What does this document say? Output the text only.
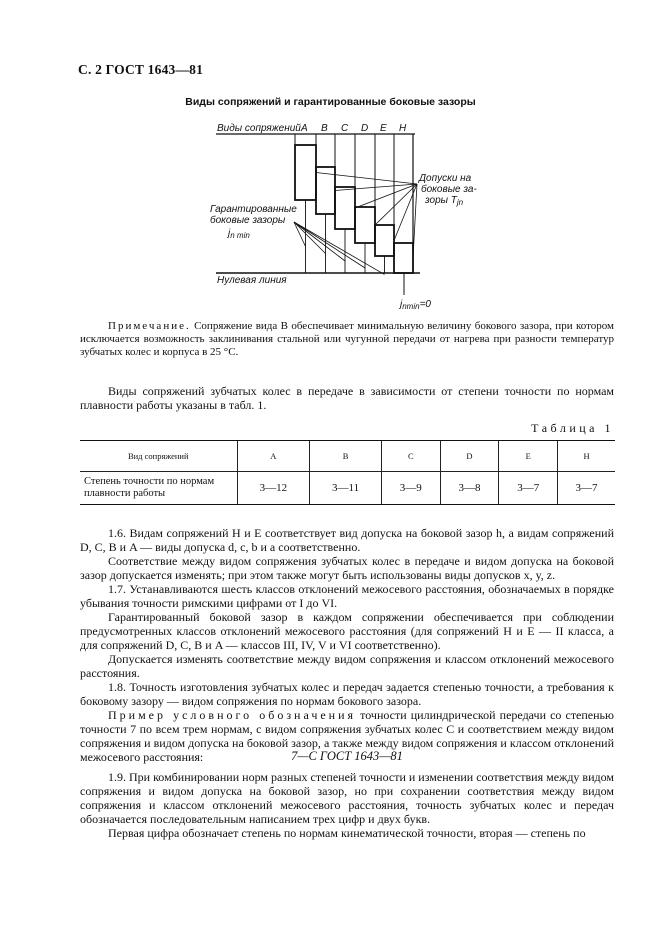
С. 2 ГОСТ 1643—81
Виды сопряжений и гарантированные боковые зазоры
A B C D E H
Виды сопряжений
Допуски на
боковые за-
зоры $T_{jn}$
Гарантированные
боковые зазоры
$j_{n min}$
Нулевая линия
$j_{nmin}=0$

Примечание. Сопряжение вида B обеспечивает минимальную величину бокового зазора, при котором исключается возможность заклинивания стальной или чугунной передачи от нагрева при разности температур зубчатых колес и корпуса в 25 °С.

Виды сопряжений зубчатых колес в передаче в зависимости от степени точности по нормам плавности работы указаны в табл. 1.

Таблица 1
Вид сопряжений	A	B	C	D	E	H
Степень точности по нормам плавности работы	3—12	3—11	3—9	3—8	3—7	3—7

1.6. Видам сопряжений H и E соответствует вид допуска на боковой зазор h, а видам сопряжений D, C, B и A — виды допуска d, c, b и a соответственно.

Соответствие между видом сопряжения зубчатых колес в передаче и видом допуска на боковой зазор допускается изменять; при этом также могут быть использованы виды допусков x, y, z.

1.7. Устанавливаются шесть классов отклонений межосевого расстояния, обозначаемых в порядке убывания точности римскими цифрами от I до VI.

Гарантированный боковой зазор в каждом сопряжении обеспечивается при соблюдении предусмотренных классов отклонений межосевого расстояния (для сопряжений H и E — II класса, а для сопряжений D, C, B и A — классов III, IV, V и VI соответственно).

Допускается изменять соответствие между видом сопряжения и классом отклонений межосевого расстояния.

1.8. Точность изготовления зубчатых колес и передач задается степенью точности, а требования к боковому зазору — видом сопряжения по нормам бокового зазора.

Пример условного обозначения точности цилиндрической передачи со степенью точности 7 по всем трем нормам, с видом сопряжения зубчатых колес C и соответствием между видом сопряжения и видом допуска на боковой зазор, а также между видом сопряжения и классом отклонений межосевого расстояния:	7—C ГОСТ 1643—81

1.9. При комбинировании норм разных степеней точности и изменении соответствия между видом сопряжения и видом допуска на боковой зазор, но при сохранении соответствия между видом сопряжения и классом отклонений межосевого расстояния, точность зубчатых колес и передач обозначается последовательным написанием трех цифр и двух букв.

Первая цифра обозначает степень по нормам кинематической точности, вторая — степень по
